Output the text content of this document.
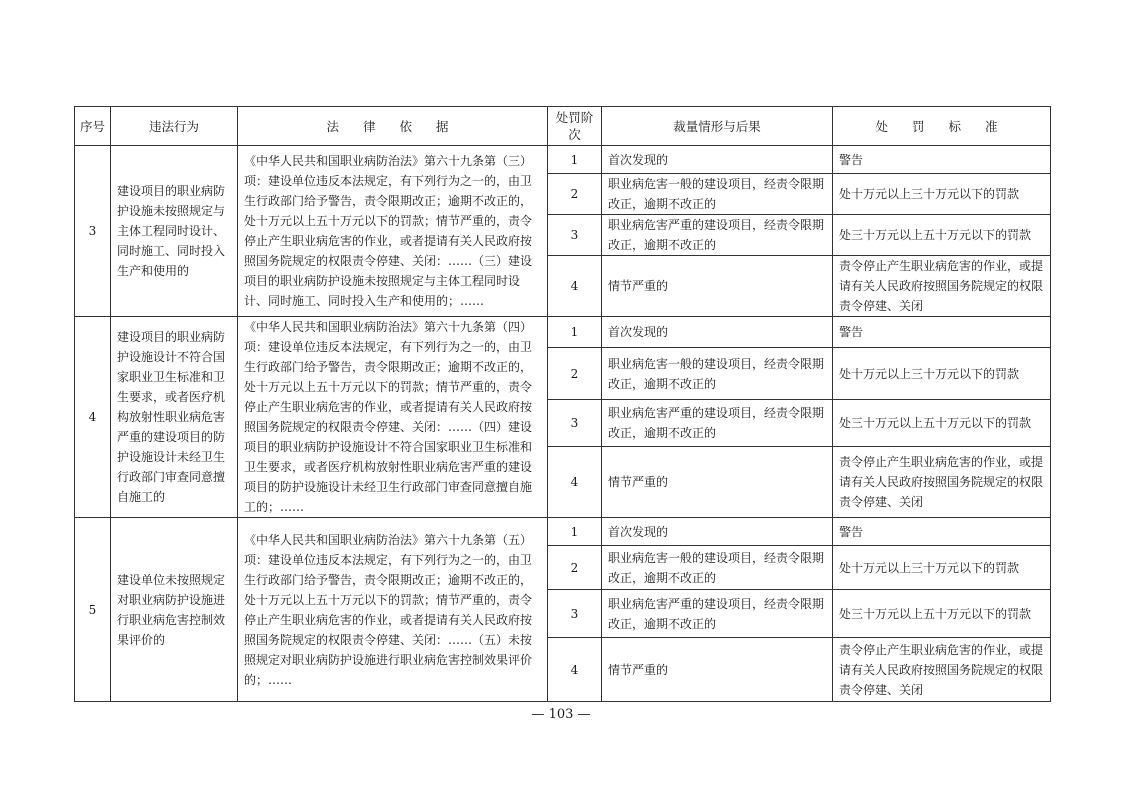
序号	违法行为	法 律 依 据	处罚阶次	裁量情形与后果	处 罚 标 准
3	建设项目的职业病防护设施未按照规定与主体工程同时设计、同时施工、同时投入生产和使用的	《中华人民共和国职业病防治法》第六十九条第（三）项：建设单位违反本法规定，有下列行为之一的，由卫生行政部门给予警告，责令限期改正；逾期不改正的，处十万元以上五十万元以下的罚款；情节严重的，责令停止产生职业病危害的作业，或者提请有关人民政府按照国务院规定的权限责令停建、关闭：……（三）建设项目的职业病防护设施未按照规定与主体工程同时设计、同时施工、同时投入生产和使用的；……	1	首次发现的	警告
			2	职业病危害一般的建设项目，经责令限期改正，逾期不改正的	处十万元以上三十万元以下的罚款
			3	职业病危害严重的建设项目，经责令限期改正，逾期不改正的	处三十万元以上五十万元以下的罚款
			4	情节严重的	责令停止产生职业病危害的作业，或提请有关人民政府按照国务院规定的权限责令停建、关闭
4	建设项目的职业病防护设施设计不符合国家职业卫生标准和卫生要求，或者医疗机构放射性职业病危害严重的建设项目的防护设施设计未经卫生行政部门审查同意擅自施工的	《中华人民共和国职业病防治法》第六十九条第（四）项：建设单位违反本法规定，有下列行为之一的，由卫生行政部门给予警告，责令限期改正；逾期不改正的，处十万元以上五十万元以下的罚款；情节严重的，责令停止产生职业病危害的作业，或者提请有关人民政府按照国务院规定的权限责令停建、关闭：……（四）建设项目的职业病防护设施设计不符合国家职业卫生标准和卫生要求，或者医疗机构放射性职业病危害严重的建设项目的防护设施设计未经卫生行政部门审查同意擅自施工的；……	1	首次发现的	警告
			2	职业病危害一般的建设项目，经责令限期改正，逾期不改正的	处十万元以上三十万元以下的罚款
			3	职业病危害严重的建设项目，经责令限期改正，逾期不改正的	处三十万元以上五十万元以下的罚款
			4	情节严重的	责令停止产生职业病危害的作业，或提请有关人民政府按照国务院规定的权限责令停建、关闭
5	建设单位未按照规定对职业病防护设施进行职业病危害控制效果评价的	《中华人民共和国职业病防治法》第六十九条第（五）项：建设单位违反本法规定，有下列行为之一的，由卫生行政部门给予警告，责令限期改正；逾期不改正的，处十万元以上五十万元以下的罚款；情节严重的，责令停止产生职业病危害的作业，或者提请有关人民政府按照国务院规定的权限责令停建、关闭：……（五）未按照规定对职业病防护设施进行职业病危害控制效果评价的；……	1	首次发现的	警告
			2	职业病危害一般的建设项目，经责令限期改正，逾期不改正的	处十万元以上三十万元以下的罚款
			3	职业病危害严重的建设项目，经责令限期改正，逾期不改正的	处三十万元以上五十万元以下的罚款
			4	情节严重的	责令停止产生职业病危害的作业，或提请有关人民政府按照国务院规定的权限责令停建、关闭
— 103 —
